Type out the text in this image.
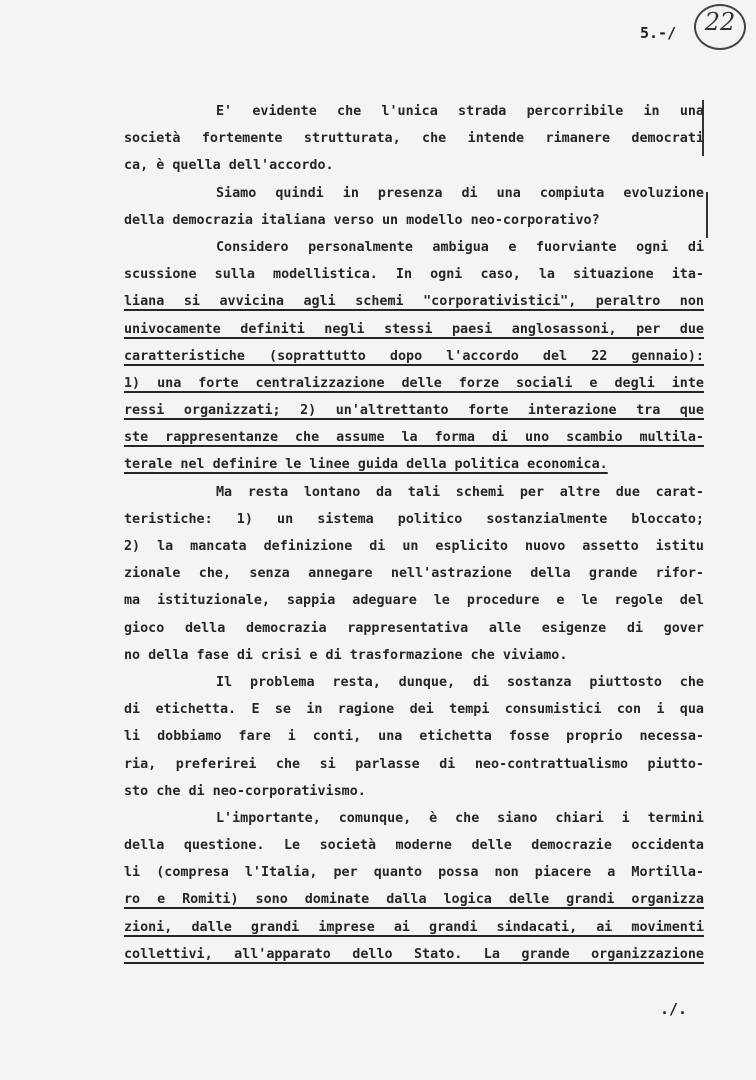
5.-/ 22
E' evidente che l'unica strada percorribile in una
società fortemente strutturata, che intende rimanere democrati
ca, è quella dell'accordo.
Siamo quindi in presenza di una compiuta evoluzione
della democrazia italiana verso un modello neo-corporativo?
Considero personalmente ambigua e fuorviante ogni di
scussione sulla modellistica. In ogni caso, la situazione ita-
liana si avvicina agli schemi "corporativistici", peraltro non
univocamente definiti negli stessi paesi anglosassoni, per due
caratteristiche (soprattutto dopo l'accordo del 22 gennaio):
1) una forte centralizzazione delle forze sociali e degli inte
ressi organizzati; 2) un'altrettanto forte interazione tra que
ste rappresentanze che assume la forma di uno scambio multila-
terale nel definire le linee guida della politica economica.
Ma resta lontano da tali schemi per altre due carat-
teristiche: 1) un sistema politico sostanzialmente bloccato;
2) la mancata definizione di un esplicito nuovo assetto istitu
zionale che, senza annegare nell'astrazione della grande rifor-
ma istituzionale, sappia adeguare le procedure e le regole del
gioco della democrazia rappresentativa alle esigenze di gover
no della fase di crisi e di trasformazione che viviamo.
Il problema resta, dunque, di sostanza piuttosto che
di etichetta. E se in ragione dei tempi consumistici con i qua
li dobbiamo fare i conti, una etichetta fosse proprio necessa-
ria, preferirei che si parlasse di neo-contrattualismo piutto-
sto che di neo-corporativismo.
L'importante, comunque, è che siano chiari i termini
della questione. Le società moderne delle democrazie occidenta
li (compresa l'Italia, per quanto possa non piacere a Mortilla-
ro e Romiti) sono dominate dalla logica delle grandi organizza
zioni, dalle grandi imprese ai grandi sindacati, ai movimenti
collettivi, all'apparato dello Stato. La grande organizzazione
./.
